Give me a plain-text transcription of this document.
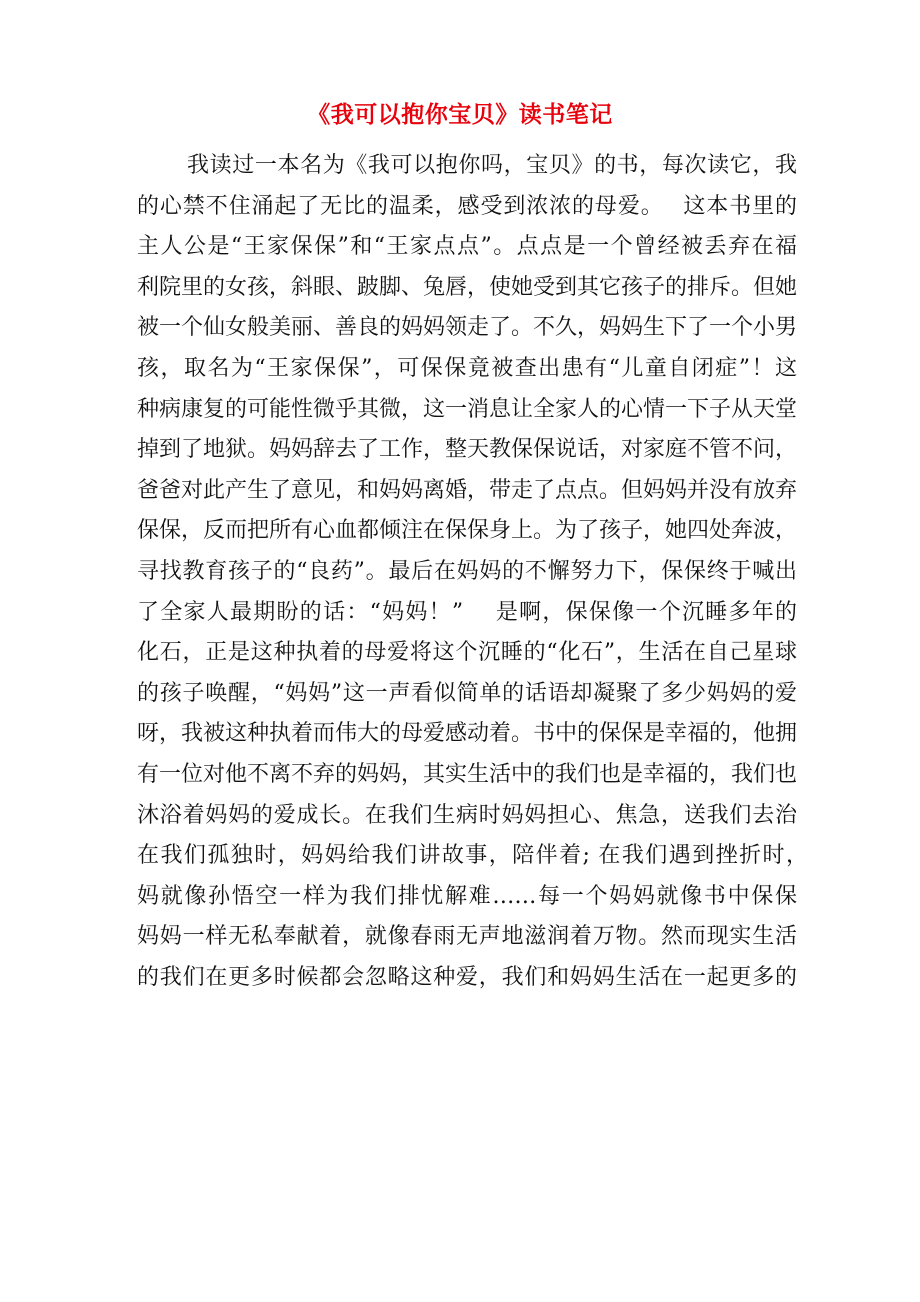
《我可以抱你宝贝》读书笔记
我读过一本名为《我可以抱你吗，宝贝》的书，每次读它，我
的心禁不住涌起了无比的温柔，感受到浓浓的母爱。　 这本书里的
主人公是“王家保保”和“王家点点”。点点是一个曾经被丢弃在福
利院里的女孩，斜眼、跛脚、兔唇，使她受到其它孩子的排斥。但她
被一个仙女般美丽、善良的妈妈领走了。不久，妈妈生下了一个小男
孩，取名为“王家保保”，可保保竟被查出患有“儿童自闭症”！这
种病康复的可能性微乎其微，这一消息让全家人的心情一下子从天堂
掉到了地狱。妈妈辞去了工作，整天教保保说话，对家庭不管不问，
爸爸对此产生了意见，和妈妈离婚，带走了点点。但妈妈并没有放弃
保保，反而把所有心血都倾注在保保身上。为了孩子，她四处奔波，
寻找教育孩子的“良药”。最后在妈妈的不懈努力下，保保终于喊出
了全家人最期盼的话：“妈妈！”　 是啊，保保像一个沉睡多年的
化石，正是这种执着的母爱将这个沉睡的“化石”，生活在自己星球
的孩子唤醒，“妈妈”这一声看似简单的话语却凝聚了多少妈妈的爱
呀，我被这种执着而伟大的母爱感动着。书中的保保是幸福的，他拥
有一位对他不离不弃的妈妈，其实生活中的我们也是幸福的，我们也
沐浴着妈妈的爱成长。在我们生病时妈妈担心、焦急，送我们去治
在我们孤独时，妈妈给我们讲故事，陪伴着; 在我们遇到挫折时，　
妈就像孙悟空一样为我们排忧解难……每一个妈妈就像书中保保　
妈妈一样无私奉献着，就像春雨无声地滋润着万物。然而现实生活
的我们在更多时候都会忽略这种爱，我们和妈妈生活在一起更多的
